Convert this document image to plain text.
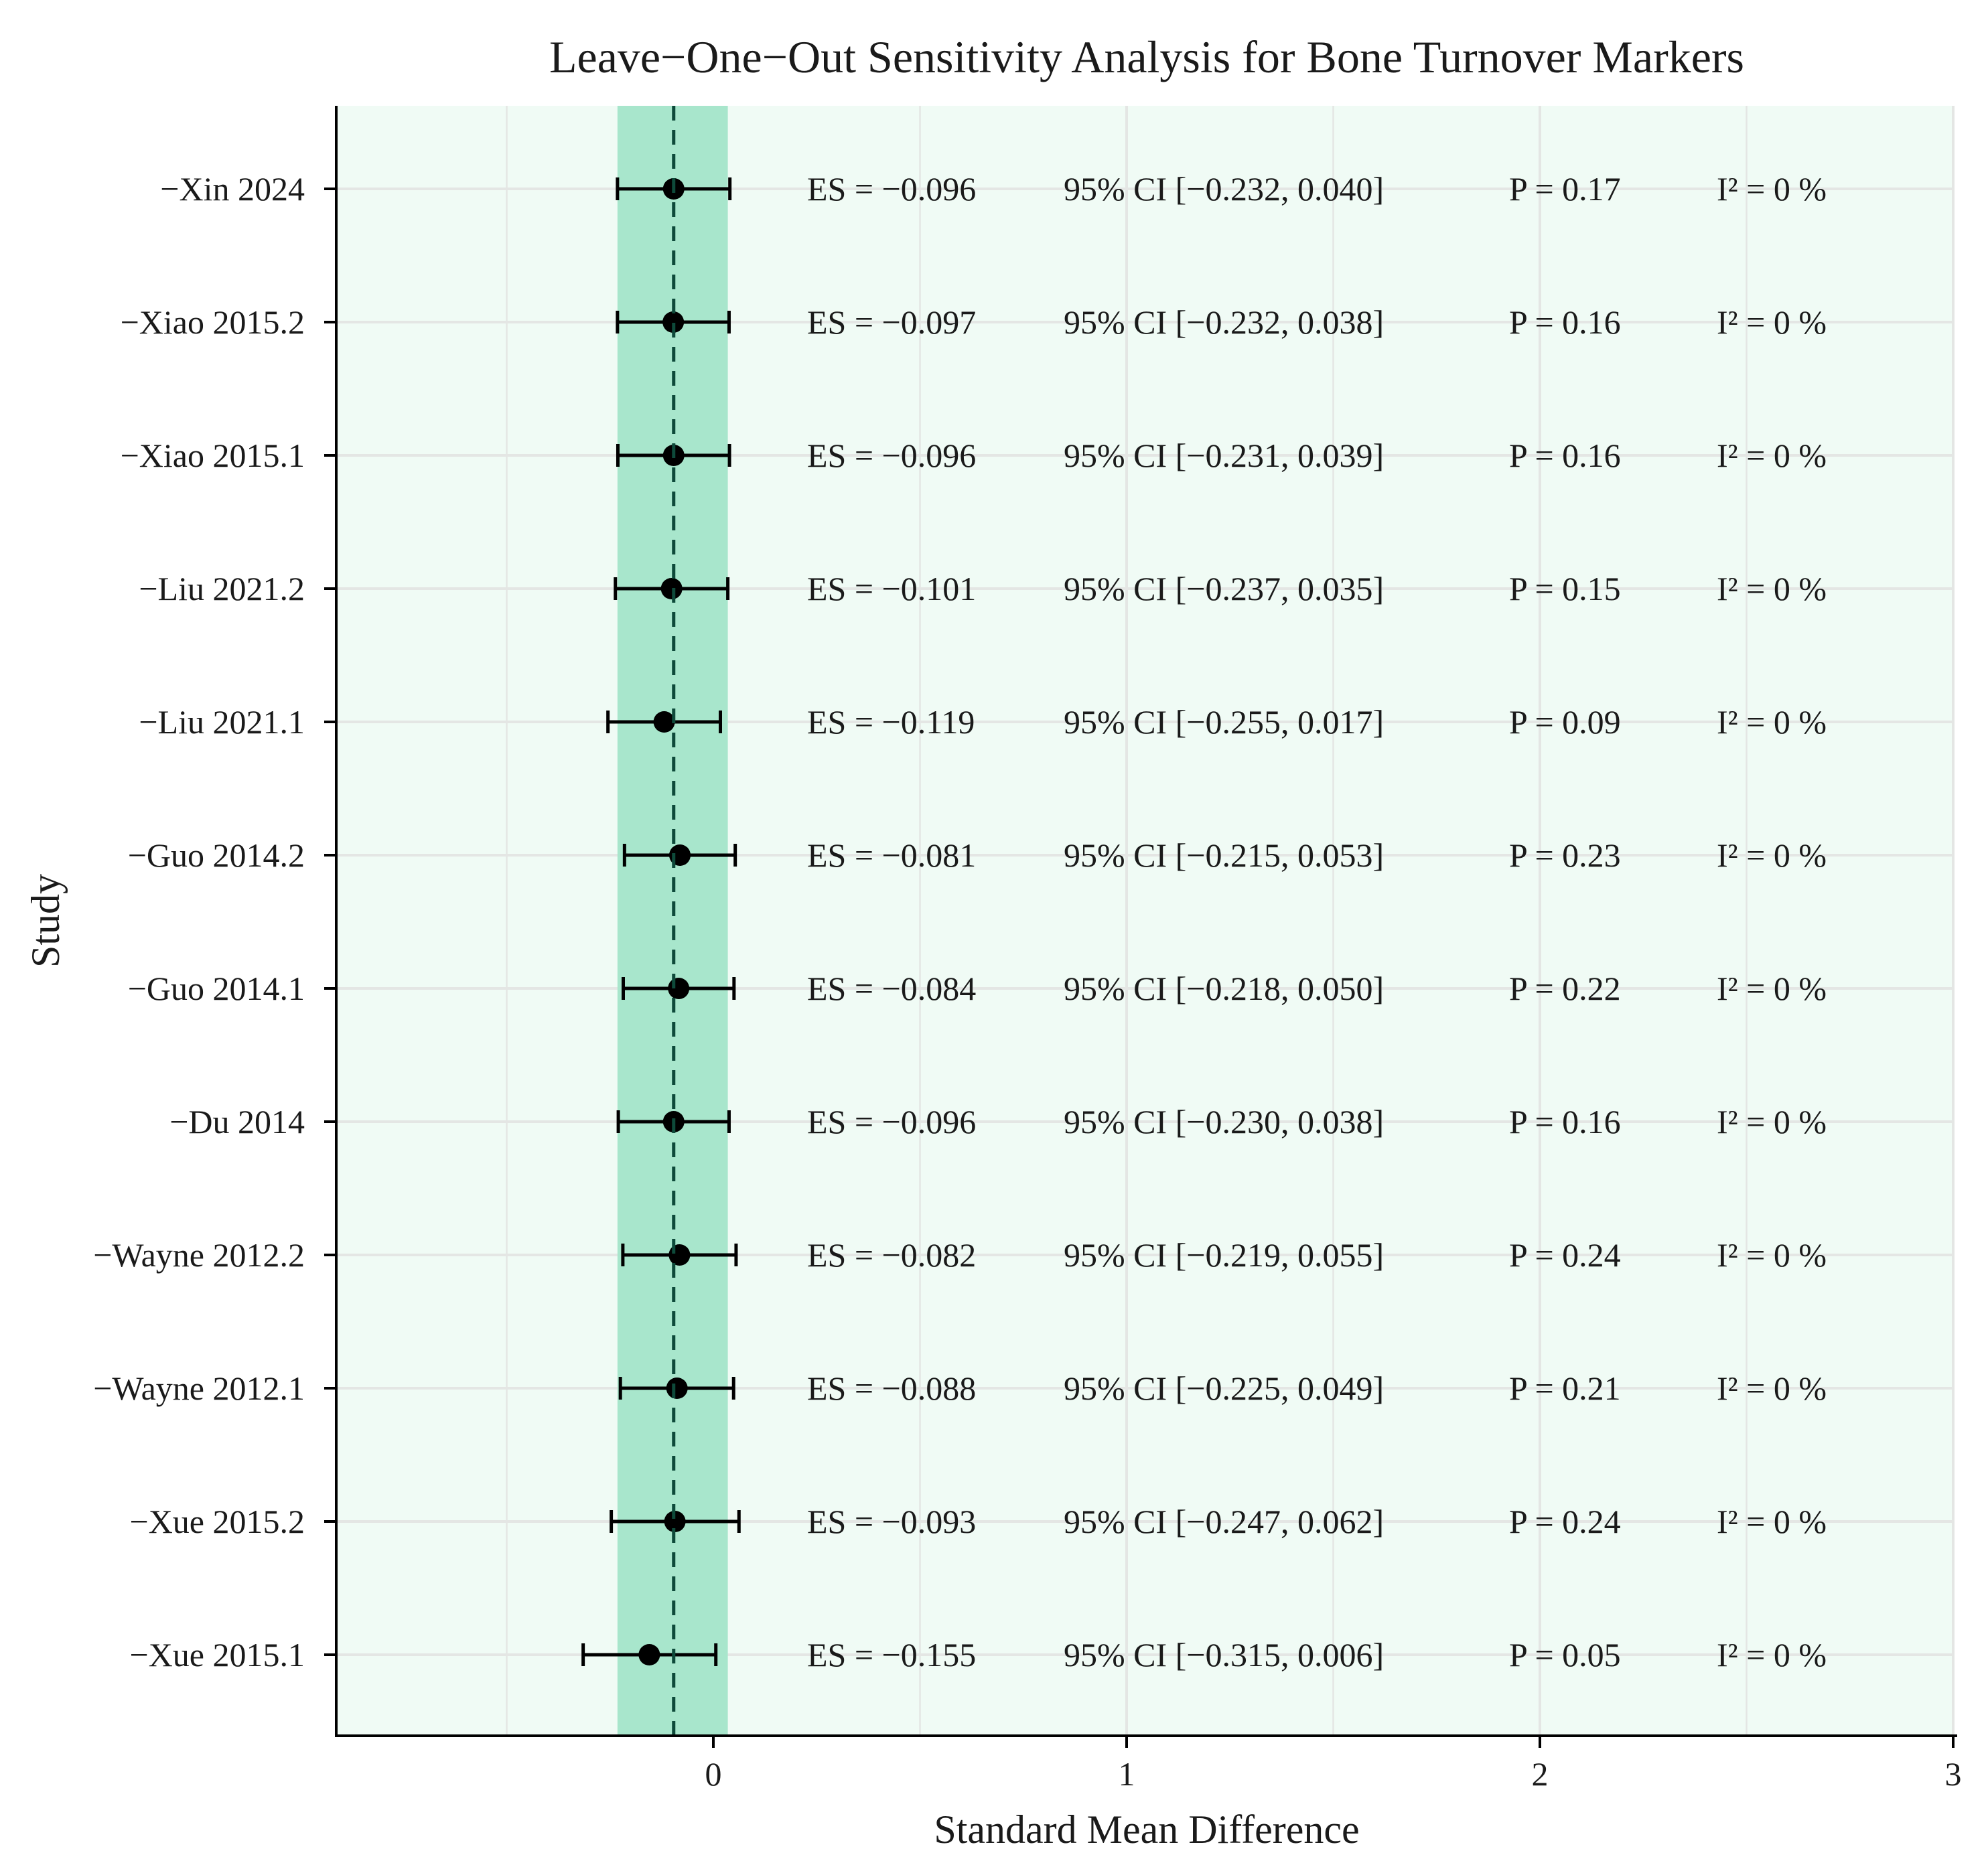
−Xin 2024	ES = −0.096	95% CI [−0.232, 0.040]	P = 0.17	I² = 0 %
−Xiao 2015.2	ES = −0.097	95% CI [−0.232, 0.038]	P = 0.16	I² = 0 %
−Xiao 2015.1	ES = −0.096	95% CI [−0.231, 0.039]	P = 0.16	I² = 0 %
−Liu 2021.2	ES = −0.101	95% CI [−0.237, 0.035]	P = 0.15	I² = 0 %
−Liu 2021.1	ES = −0.119	95% CI [−0.255, 0.017]	P = 0.09	I² = 0 %
−Guo 2014.2	ES = −0.081	95% CI [−0.215, 0.053]	P = 0.23	I² = 0 %
−Guo 2014.1	ES = −0.084	95% CI [−0.218, 0.050]	P = 0.22	I² = 0 %
−Du 2014	ES = −0.096	95% CI [−0.230, 0.038]	P = 0.16	I² = 0 %
−Wayne 2012.2	ES = −0.082	95% CI [−0.219, 0.055]	P = 0.24	I² = 0 %
−Wayne 2012.1	ES = −0.088	95% CI [−0.225, 0.049]	P = 0.21	I² = 0 %
−Xue 2015.2	ES = −0.093	95% CI [−0.247, 0.062]	P = 0.24	I² = 0 %
−Xue 2015.1	ES = −0.155	95% CI [−0.315, 0.006]	P = 0.05	I² = 0 %
0	1	2	3
Leave−One−Out Sensitivity Analysis for Bone Turnover Markers
Standard Mean Difference
Study
